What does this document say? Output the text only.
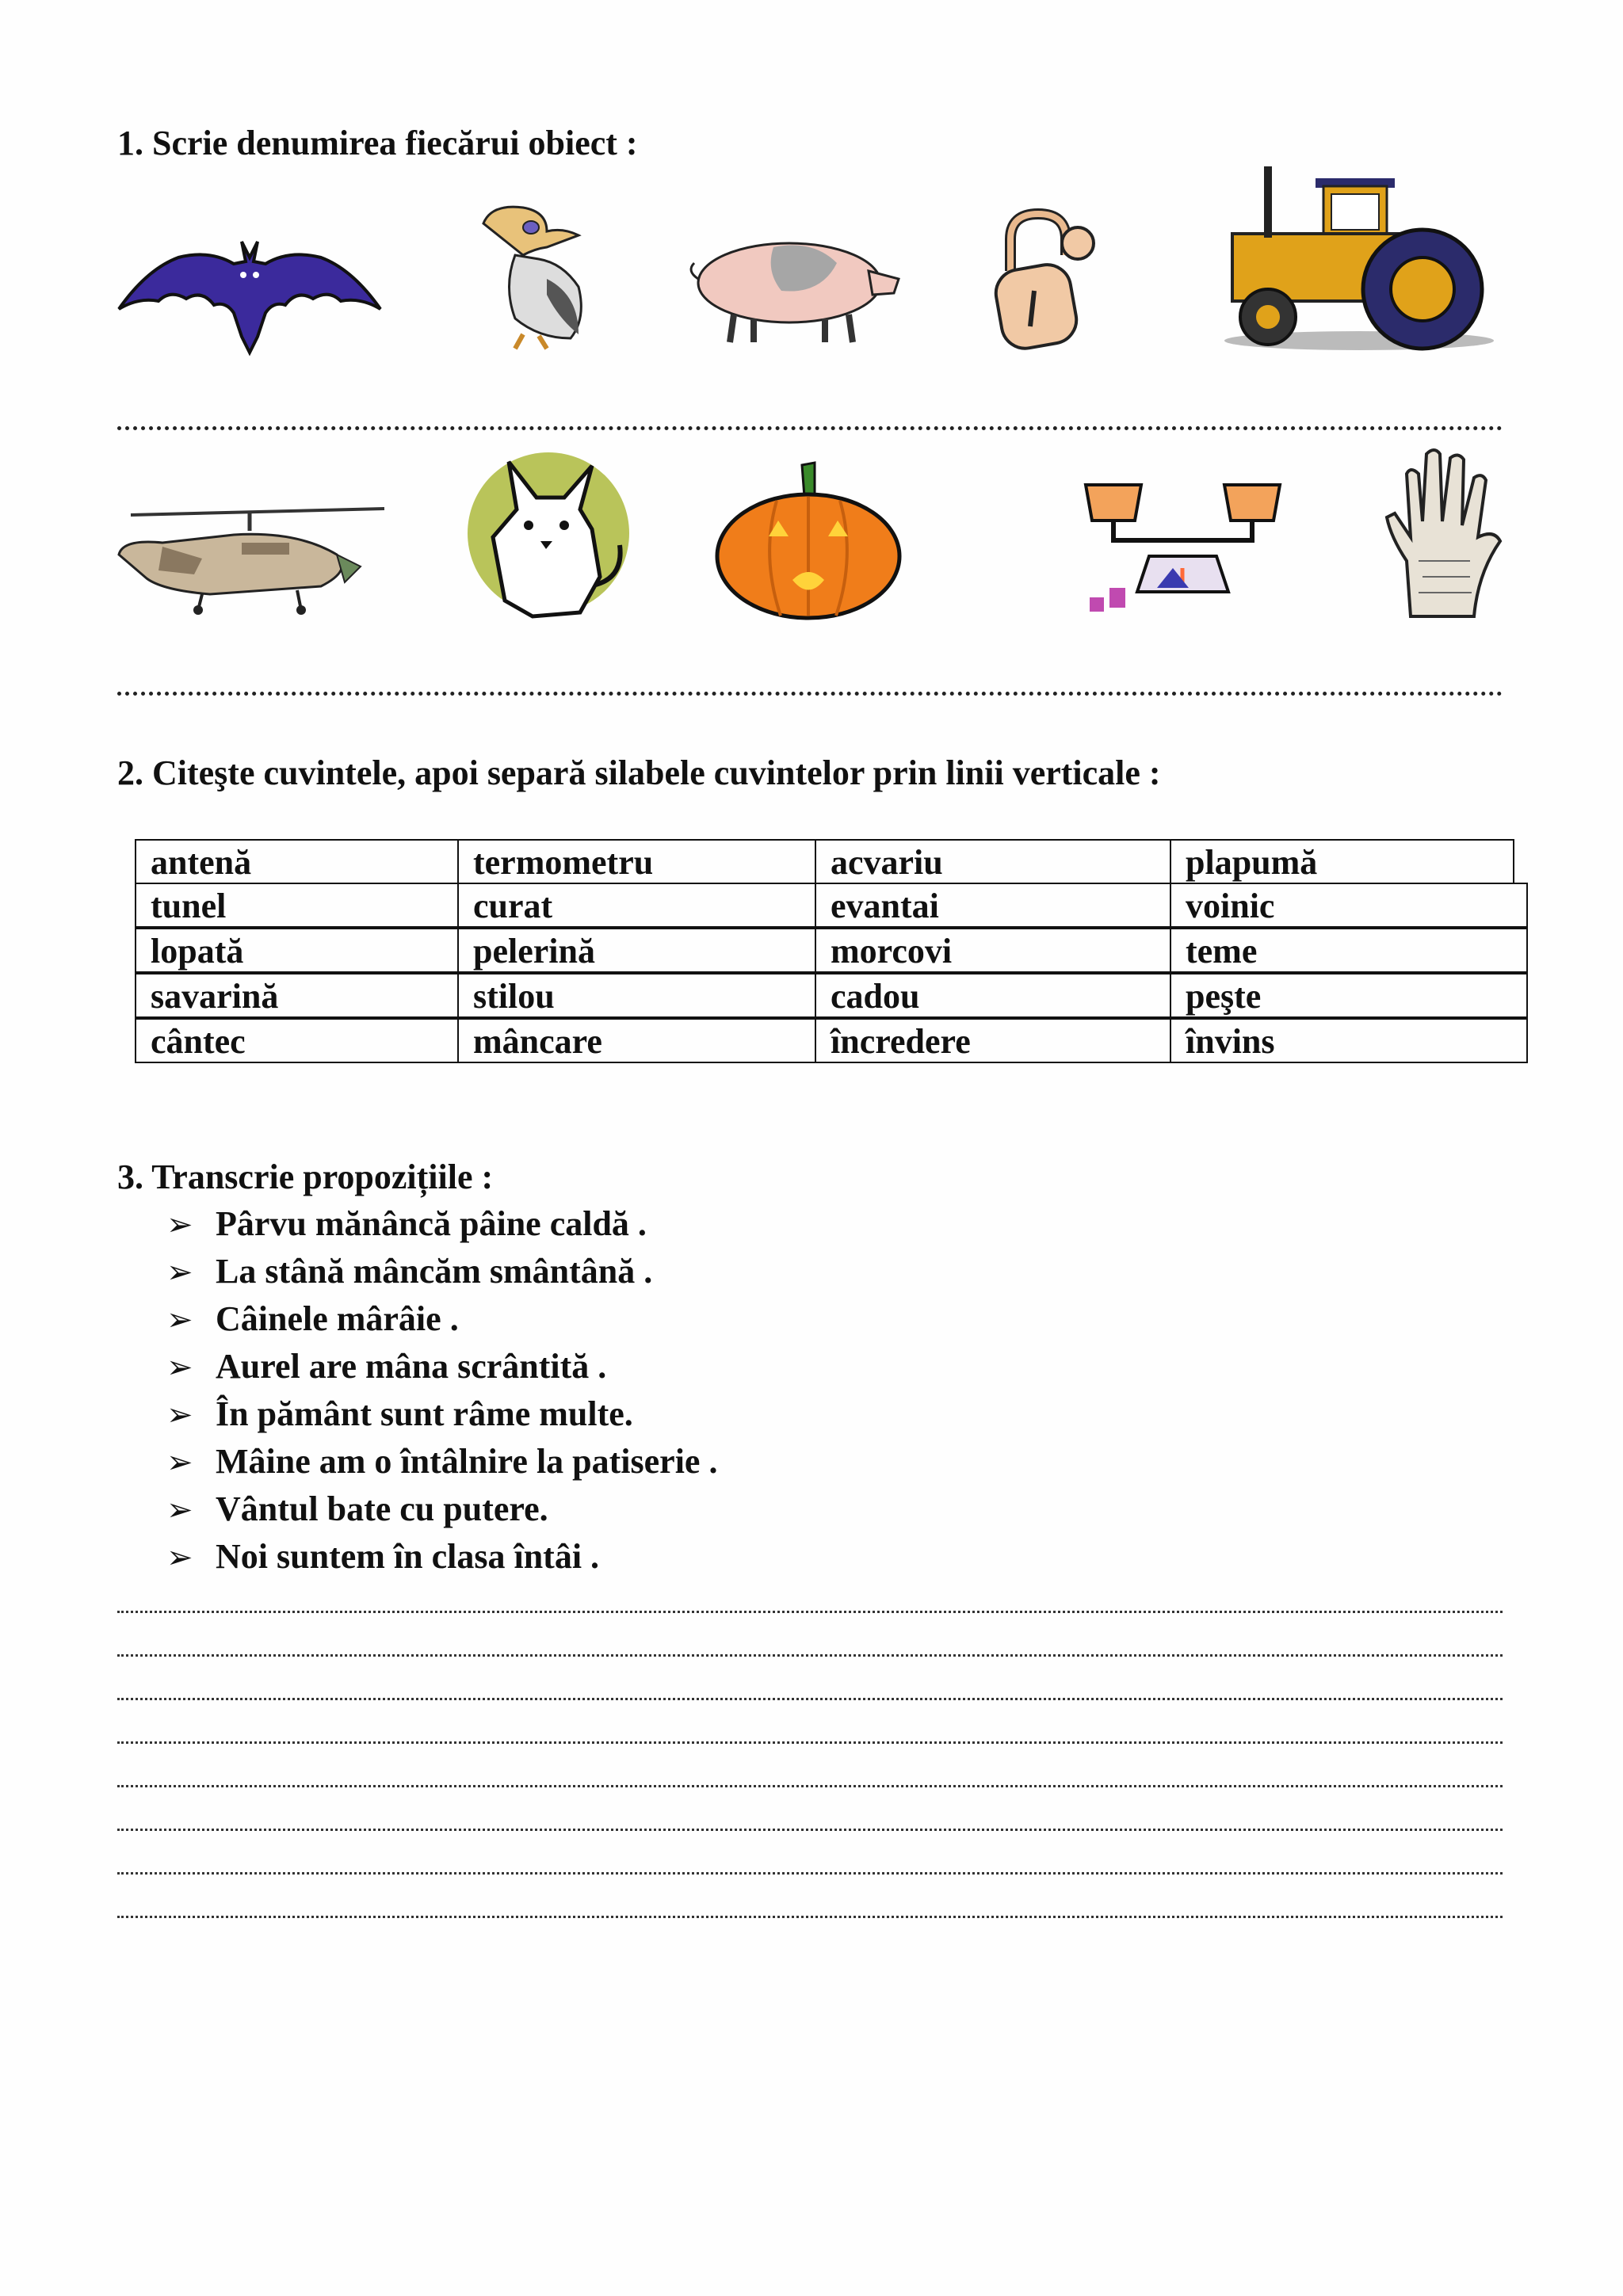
1. Scrie denumirea fiecărui obiect :
2. Citeşte cuvintele, apoi separă silabele cuvintelor prin linii verticale :
antenă	termometru	acvariu	plapumă
tunel	curat	evantai	voinic
lopată	pelerină	morcovi	teme
savarină	stilou	cadou	peşte
cântec	mâncare	încredere	învins
3. Transcrie propozițiile :
➢ Pârvu mănâncă pâine caldă .
➢ La stână mâncăm smântână .
➢ Câinele mârâie .
➢ Aurel are mâna scrântită .
➢ În pământ sunt râme multe.
➢ Mâine am o întâlnire la patiserie .
➢ Vântul bate cu putere.
➢ Noi suntem în clasa întâi .
